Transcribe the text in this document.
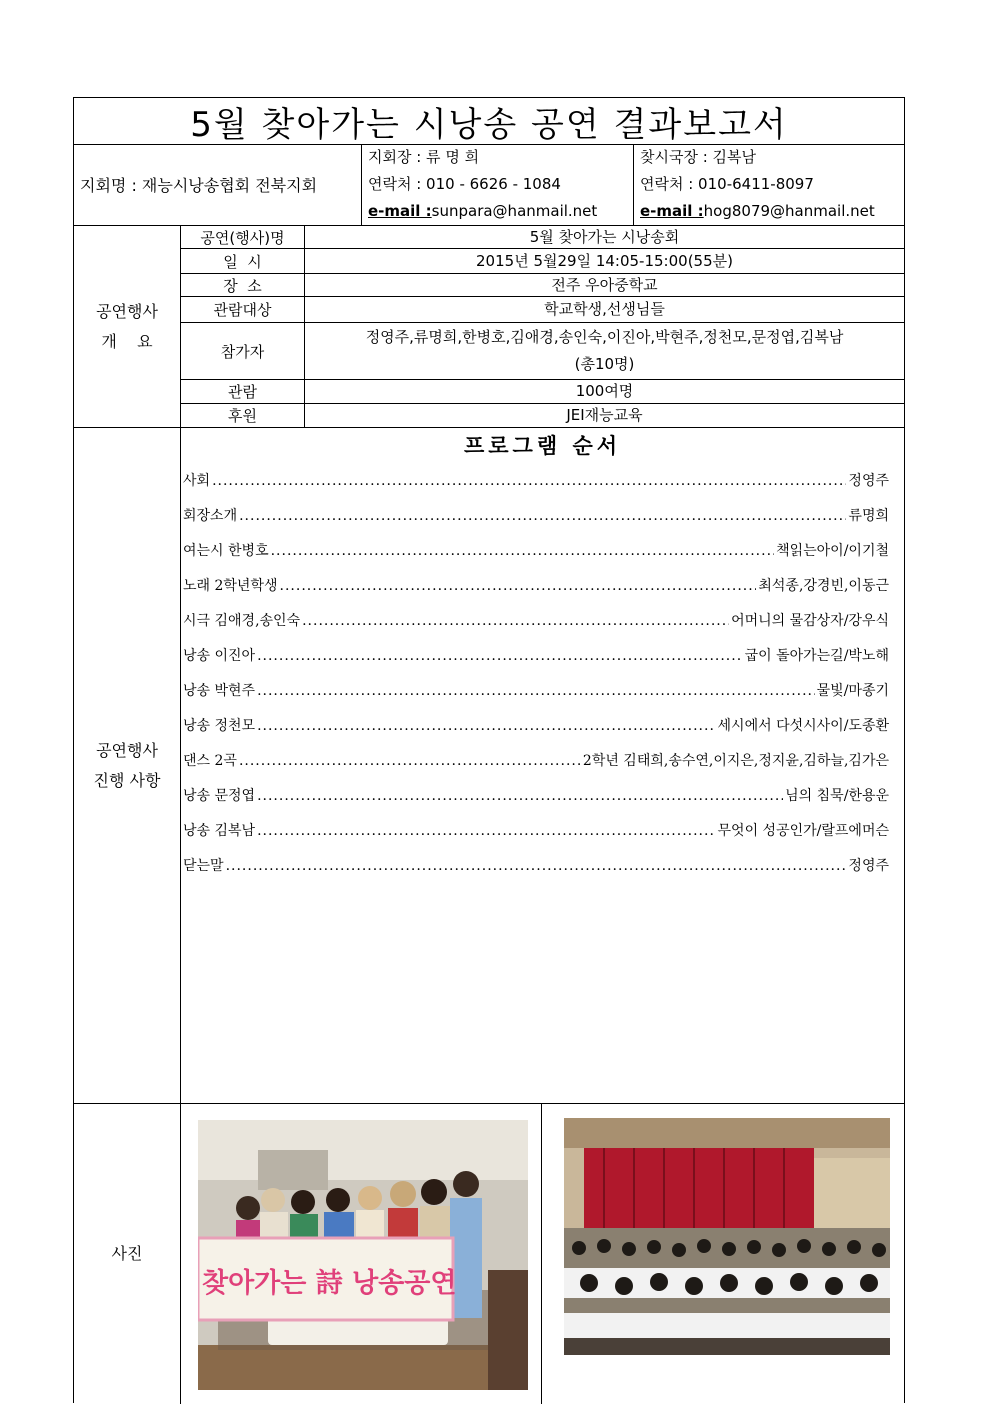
5월 찾아가는 시낭송 공연 결과보고서
지회명 : 재능시낭송협회 전북지회
지회장 : 류 명 희
연락처 : 010 - 6626 - 1084
e-mail :sunpara@hanmail.net
찾시국장 : 김복남
연락처 : 010-6411-8097
e-mail :hog8079@hanmail.net
공연행사
개    요
공연(행사)명	5월 찾아가는 시낭송회
일  시	2015년 5월29일 14:05-15:00(55분)
장  소	전주 우아중학교
관람대상	학교학생,선생님들
참가자
정영주,류명희,한병호,김애경,송인숙,이진아,박현주,정천모,문정엽,김복남
(총10명)
관람	100여명
후원	JEI재능교육
공연행사
진행 사항
프로그램 순서
사회 .....	정영주
회장소개 .....	류명희
여는시 한병호 .....	책읽는아이/이기철
노래 2학년학생 .....	최석종,강경빈,이동근
시극 김애경,송인숙 .....	어머니의 물감상자/강우식
낭송 이진아 .....	굽이 돌아가는길/박노해
낭송 박현주 .....	물빛/마종기
낭송 정천모 .....	세시에서 다섯시사이/도종환
댄스 2곡 .....	2학년 김태희,송수연,이지은,정지윤,김하늘,김가은
낭송 문정엽 .....	님의 침묵/한용운
낭송 김복남 .....	무엇이 성공인가/랄프에머슨
닫는말 .....	정영주
사진
찾아가는 詩 낭송공연
